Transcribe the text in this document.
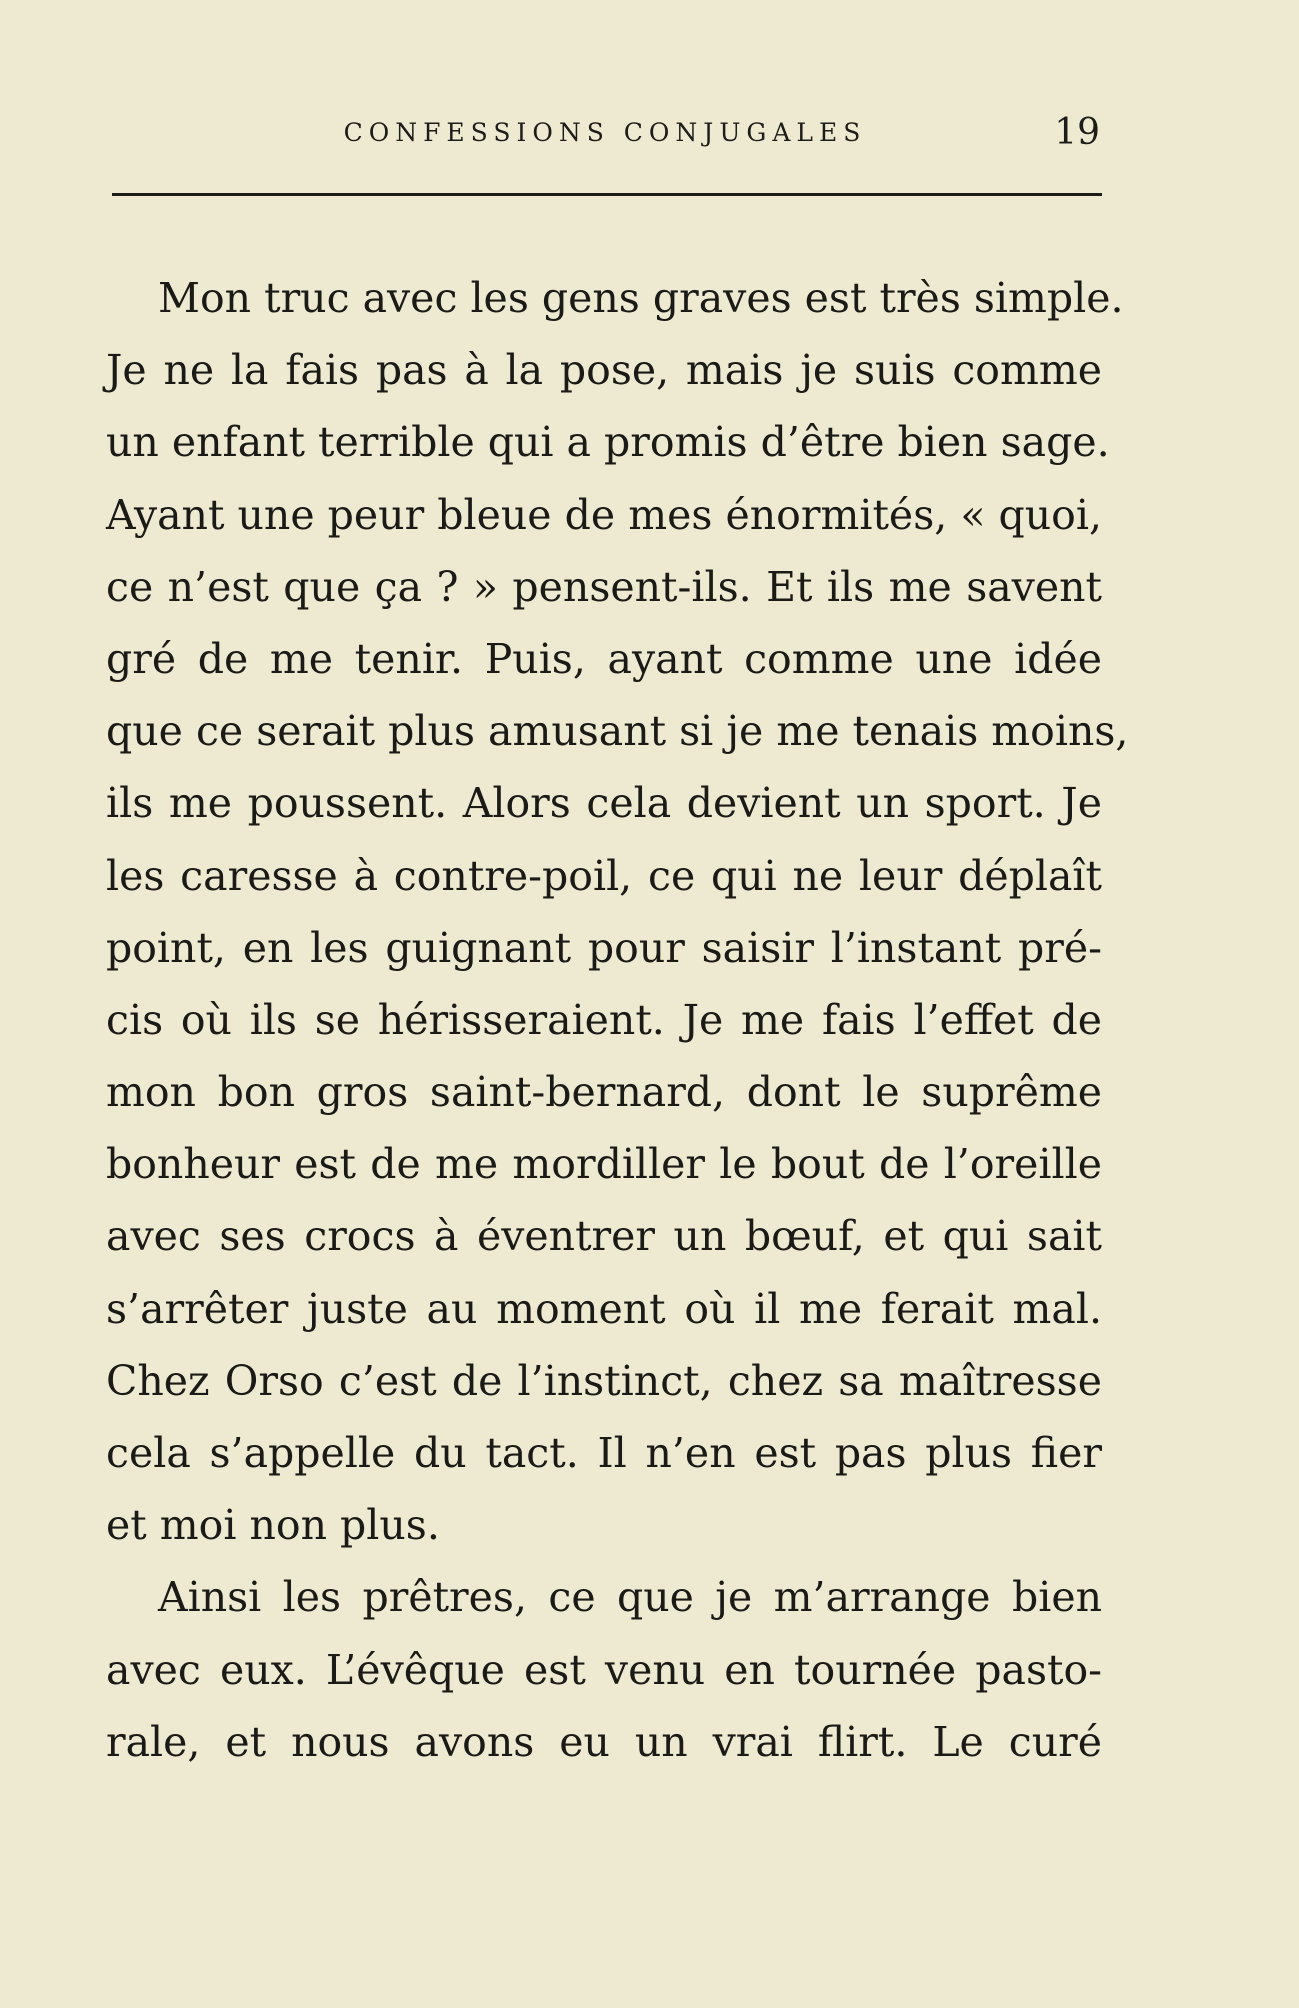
CONFESSIONS CONJUGALES	19
Mon truc avec les gens graves est très simple.
Je ne la fais pas à la pose, mais je suis comme
un enfant terrible qui a promis d’être bien sage.
Ayant une peur bleue de mes énormités, « quoi,
ce n’est que ça ? » pensent-ils. Et ils me savent
gré de me tenir. Puis, ayant comme une idée
que ce serait plus amusant si je me tenais moins,
ils me poussent. Alors cela devient un sport. Je
les caresse à contre-poil, ce qui ne leur déplaît
point, en les guignant pour saisir l’instant pré-
cis où ils se hérisseraient. Je me fais l’effet de
mon bon gros saint-bernard, dont le suprême
bonheur est de me mordiller le bout de l’oreille
avec ses crocs à éventrer un bœuf, et qui sait
s’arrêter juste au moment où il me ferait mal.
Chez Orso c’est de l’instinct, chez sa maîtresse
cela s’appelle du tact. Il n’en est pas plus fier
et moi non plus.
Ainsi les prêtres, ce que je m’arrange bien
avec eux. L’évêque est venu en tournée pasto-
rale, et nous avons eu un vrai flirt. Le curé
